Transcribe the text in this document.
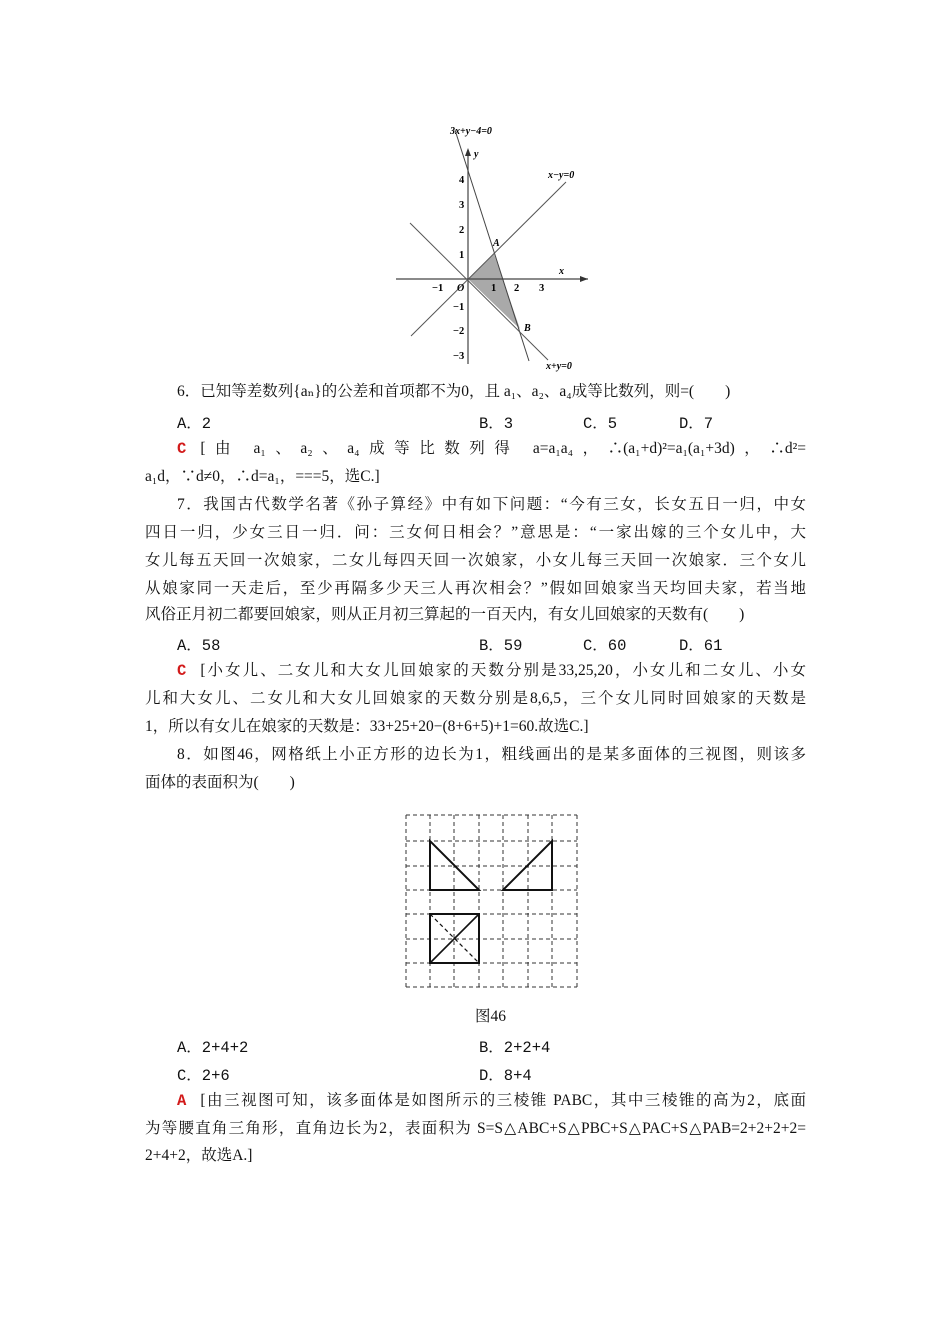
3x+y−4=0
x−y=0
x+y=0
x
y
O
A
B
−1	1 2 3
4
3
2
1
−1
−2
−3
6．已知等差数列{aₙ}的公差和首项都不为0，且 a₁、a₂、a₄成等比数列，则=(　　)
A．2	B．3	C．5	D．7
C [由 a₁、a₂、a₄成等比数列得 a=a₁a₄，∴(a₁+d)²=a₁(a₁+3d)，∴d²=
a₁d，∵d≠0，∴d=a₁，===5，选C.]
7．我国古代数学名著《孙子算经》中有如下问题：“今有三女，长女五日一归，中女
四日一归，少女三日一归．问：三女何日相会？”意思是：“一家出嫁的三个女儿中，大
女儿每五天回一次娘家，二女儿每四天回一次娘家，小女儿每三天回一次娘家．三个女儿
从娘家同一天走后，至少再隔多少天三人再次相会？”假如回娘家当天均回夫家，若当地
风俗正月初二都要回娘家，则从正月初三算起的一百天内，有女儿回娘家的天数有(　　)
A．58	B．59	C．60	D．61
C [小女儿、二女儿和大女儿回娘家的天数分别是33,25,20，小女儿和二女儿、小女
儿和大女儿、二女儿和大女儿回娘家的天数分别是8,6,5，三个女儿同时回娘家的天数是
1，所以有女儿在娘家的天数是：33+25+20−(8+6+5)+1=60.故选C.]
8．如图46，网格纸上小正方形的边长为1，粗线画出的是某多面体的三视图，则该多
面体的表面积为(　　)
图46
A．2+4+2	B．2+2+4
C．2+6	D．8+4
A [由三视图可知，该多面体是如图所示的三棱锥 PABC，其中三棱锥的高为2，底面
为等腰直角三角形，直角边长为2，表面积为 S=S△ABC+S△PBC+S△PAC+S△PAB=2+2+2+2=
2+4+2，故选A.]
